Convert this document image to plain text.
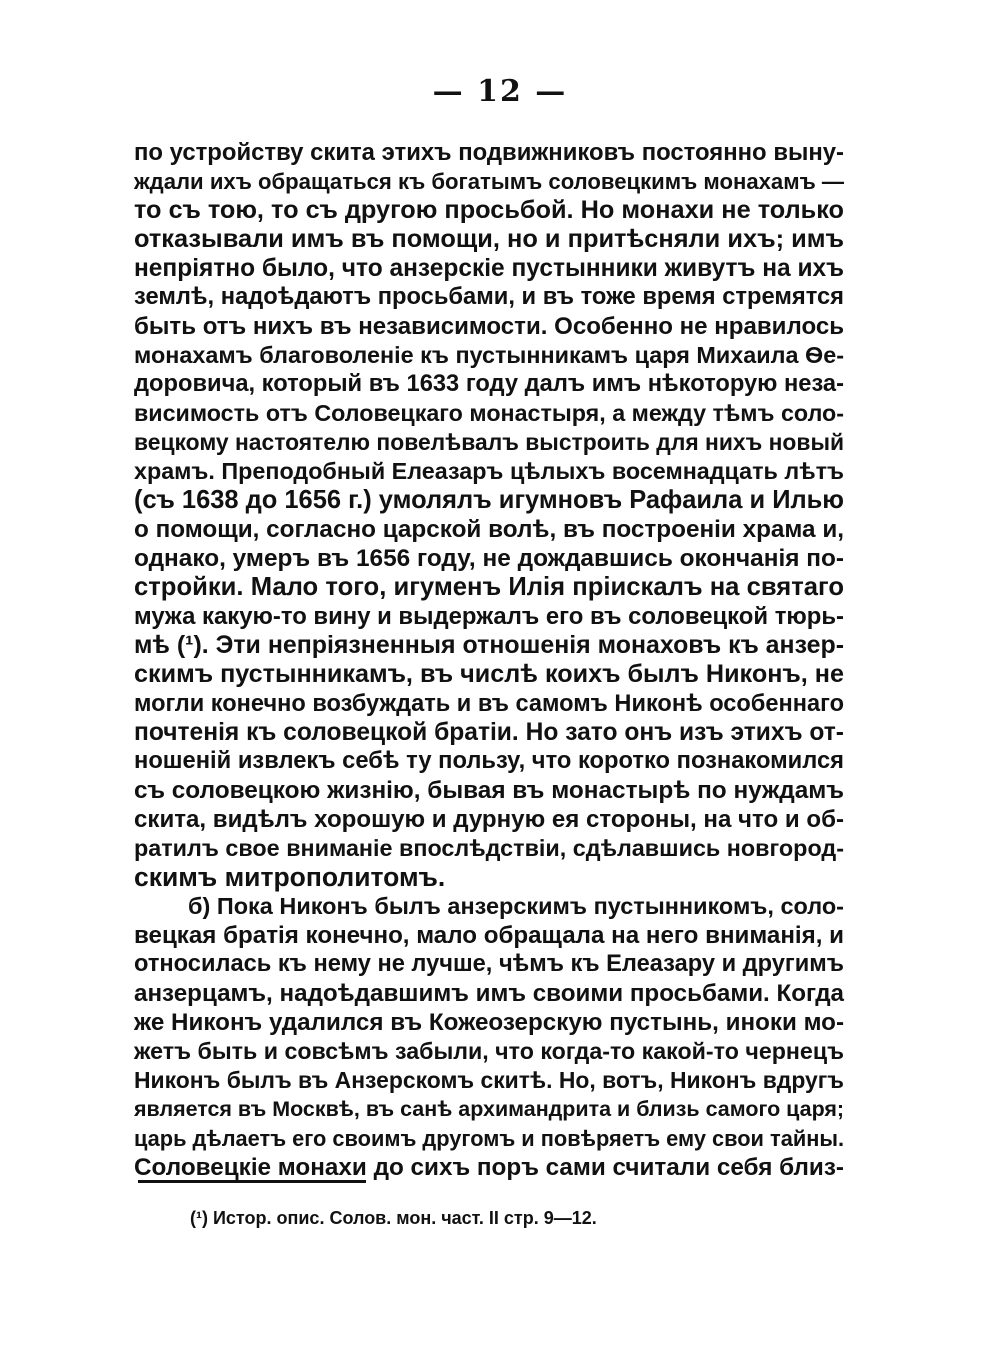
— 12 —
по устройству скита этихъ подвижниковъ постоянно выну-
ждали ихъ обращаться къ богатымъ соловецкимъ монахамъ —
то съ тою, то съ другою просьбой. Но монахи не только
отказывали имъ въ помощи, но и притѣсняли ихъ; имъ
непріятно было, что анзерскіе пустынники живутъ на ихъ
землѣ, надоѣдаютъ просьбами, и въ тоже время стремятся
быть отъ нихъ въ независимости. Особенно не нравилось
монахамъ благоволеніе къ пустынникамъ царя Михаила Ѳе-
доровича, который въ 1633 году далъ имъ нѣкоторую неза-
висимость отъ Соловецкаго монастыря, а между тѣмъ соло-
вецкому настоятелю повелѣвалъ выстроить для нихъ новый
храмъ. Преподобный Елеазаръ цѣлыхъ восемнадцать лѣтъ
(съ 1638 до 1656 г.) умолялъ игумновъ Рафаила и Илью
о помощи, согласно царской волѣ, въ построеніи храма и,
однако, умеръ въ 1656 году, не дождавшись окончанія по-
стройки. Мало того, игуменъ Илія пріискалъ на святаго
мужа какую-то вину и выдержалъ его въ соловецкой тюрь-
мѣ (¹). Эти непріязненныя отношенія монаховъ къ анзер-
скимъ пустынникамъ, въ числѣ коихъ былъ Никонъ, не
могли конечно возбуждать и въ самомъ Никонѣ особеннаго
почтенія къ соловецкой братіи. Но зато онъ изъ этихъ от-
ношеній извлекъ себѣ ту пользу, что коротко познакомился
съ соловецкою жизнію, бывая въ монастырѣ по нуждамъ
скита, видѣлъ хорошую и дурную ея стороны, на что и об-
ратилъ свое вниманіе впослѣдствіи, сдѣлавшись новгород-
скимъ митрополитомъ.
б) Пока Никонъ былъ анзерскимъ пустынникомъ, соло-
вецкая братія конечно, мало обращала на него вниманія, и
относилась къ нему не лучше, чѣмъ къ Елеазару и другимъ
анзерцамъ, надоѣдавшимъ имъ своими просьбами. Когда
же Никонъ удалился въ Кожеозерскую пустынь, иноки мо-
жетъ быть и совсѣмъ забыли, что когда-то какой-то чернецъ
Никонъ былъ въ Анзерскомъ скитѣ. Но, вотъ, Никонъ вдругъ
является въ Москвѣ, въ санѣ архимандрита и близь самого царя;
царь дѣлаетъ его своимъ другомъ и повѣряетъ ему свои тайны.
Соловецкіе монахи до сихъ поръ сами считали себя близ-
(¹) Истор. опис. Солов. мон. част. II стр. 9—12.
